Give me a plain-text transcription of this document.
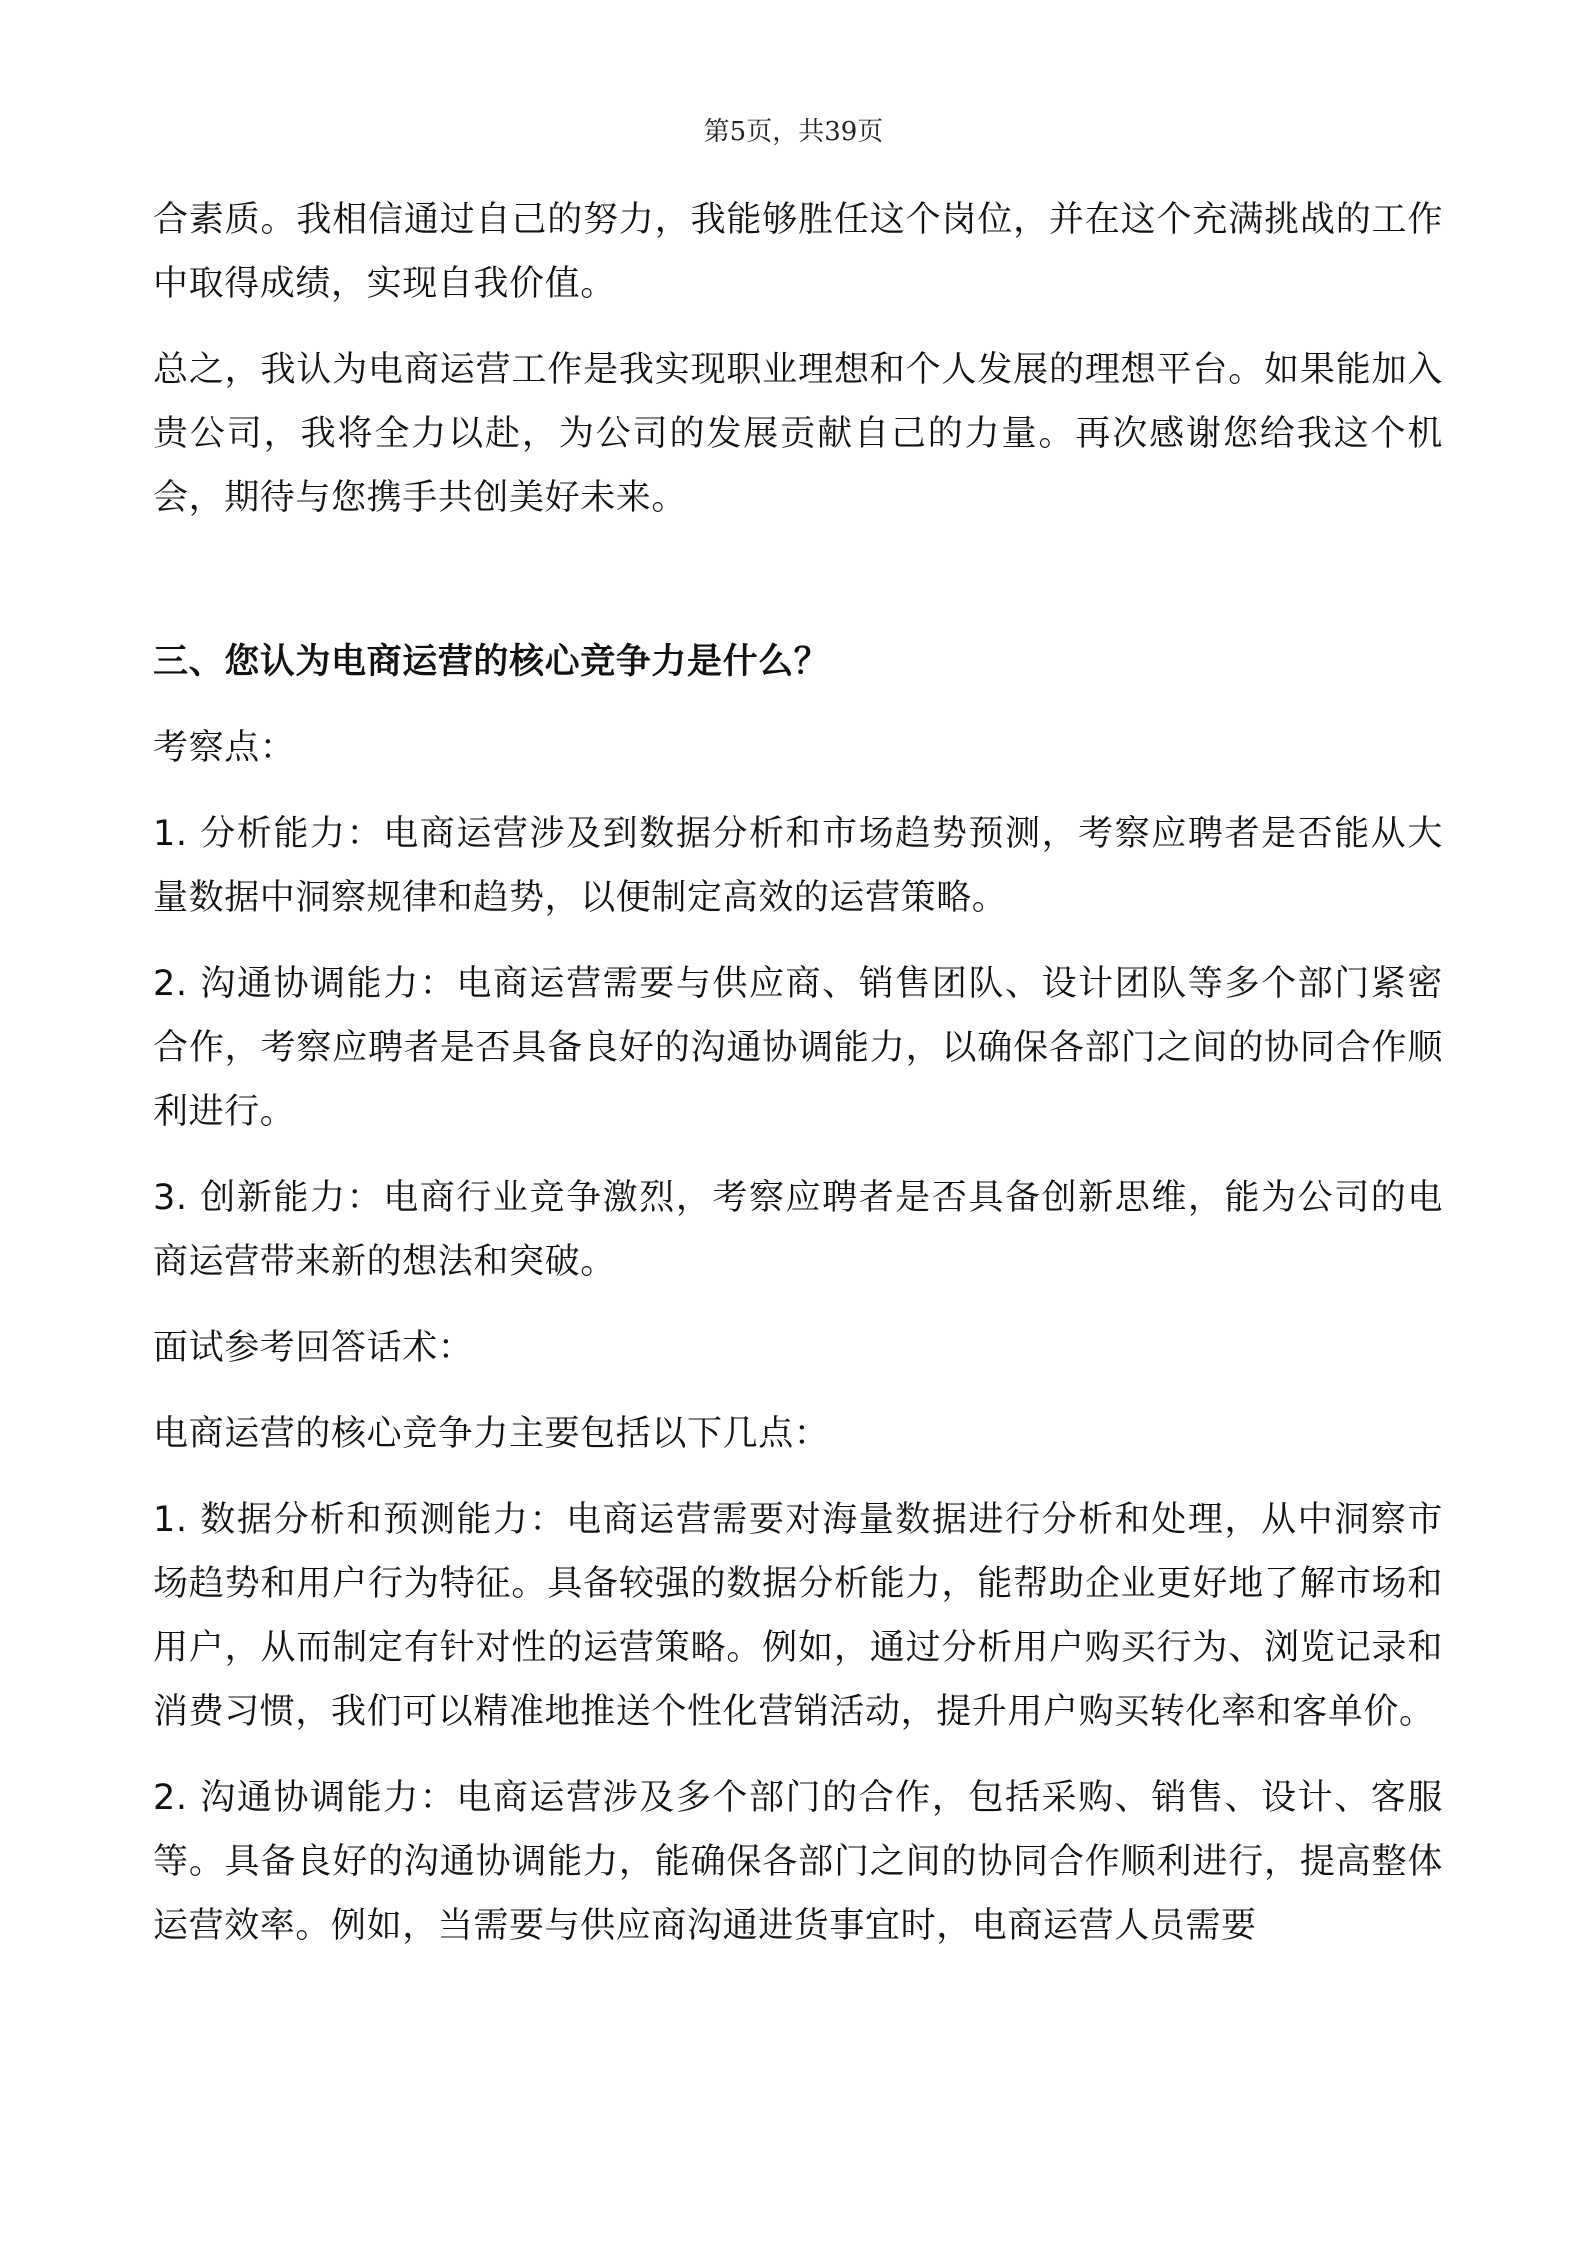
第5页，共39页

合素质。我相信通过自己的努力，我能够胜任这个岗位，并在这个充满挑战的工作中取得成绩，实现自我价值。

总之，我认为电商运营工作是我实现职业理想和个人发展的理想平台。如果能加入贵公司，我将全力以赴，为公司的发展贡献自己的力量。再次感谢您给我这个机会，期待与您携手共创美好未来。

三、您认为电商运营的核心竞争力是什么？

考察点：

1. 分析能力：电商运营涉及到数据分析和市场趋势预测，考察应聘者是否能从大量数据中洞察规律和趋势，以便制定高效的运营策略。

2. 沟通协调能力：电商运营需要与供应商、销售团队、设计团队等多个部门紧密合作，考察应聘者是否具备良好的沟通协调能力，以确保各部门之间的协同合作顺利进行。

3. 创新能力：电商行业竞争激烈，考察应聘者是否具备创新思维，能为公司的电商运营带来新的想法和突破。

面试参考回答话术：

电商运营的核心竞争力主要包括以下几点：

1. 数据分析和预测能力：电商运营需要对海量数据进行分析和处理，从中洞察市场趋势和用户行为特征。具备较强的数据分析能力，能帮助企业更好地了解市场和用户，从而制定有针对性的运营策略。例如，通过分析用户购买行为、浏览记录和消费习惯，我们可以精准地推送个性化营销活动，提升用户购买转化率和客单价。

2. 沟通协调能力：电商运营涉及多个部门的合作，包括采购、销售、设计、客服等。具备良好的沟通协调能力，能确保各部门之间的协同合作顺利进行，提高整体运营效率。例如，当需要与供应商沟通进货事宜时，电商运营人员需要
